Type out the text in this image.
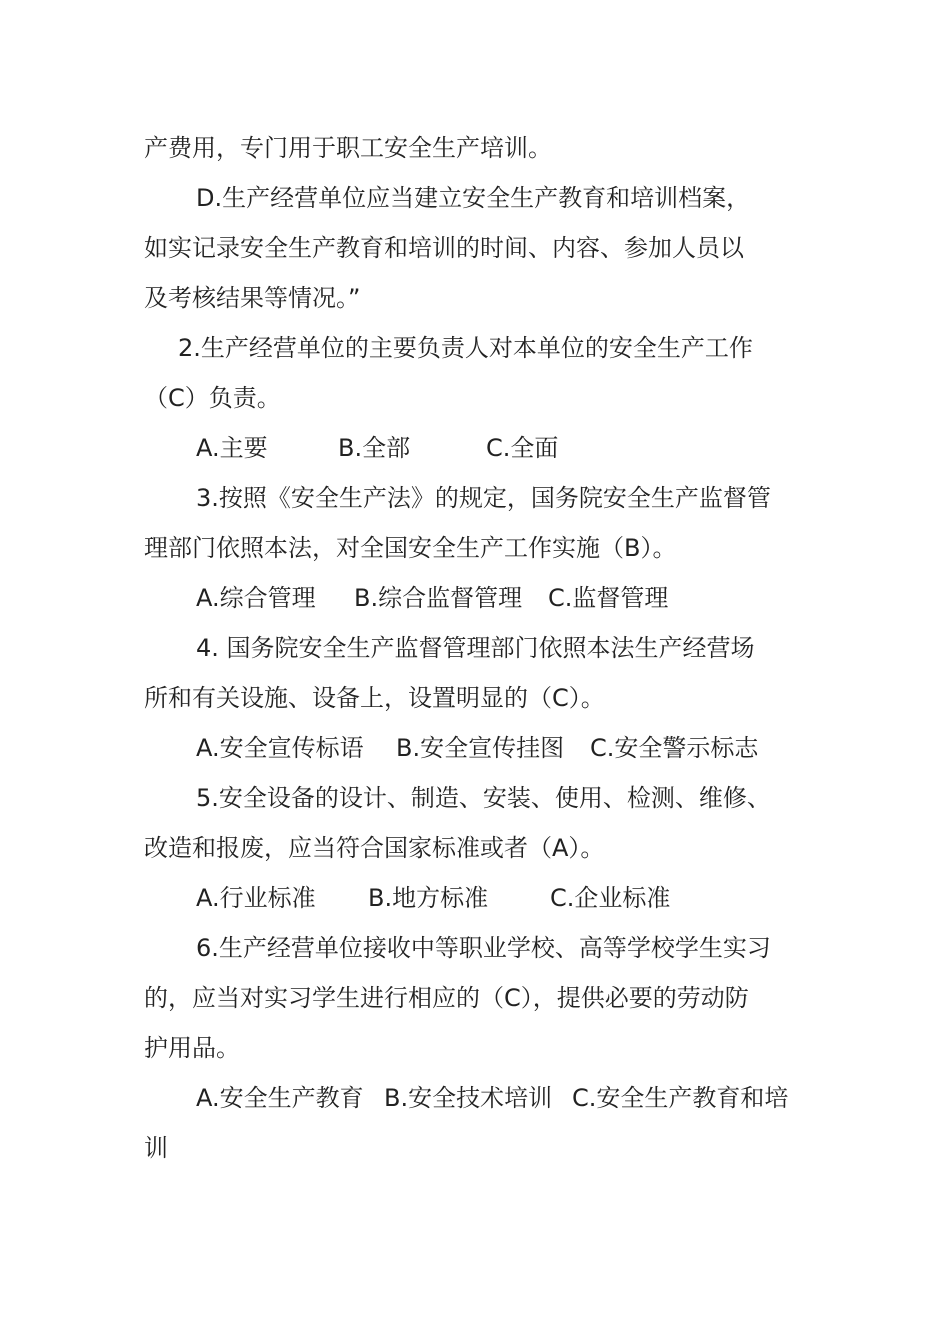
产费用，专门用于职工安全生产培训。
D.生产经营单位应当建立安全生产教育和培训档案，
如实记录安全生产教育和培训的时间、内容、参加人员以
及考核结果等情况。”
2.生产经营单位的主要负责人对本单位的安全生产工作
（C）负责。
A.主要	B.全部	C.全面
3.按照《安全生产法》的规定，国务院安全生产监督管
理部门依照本法，对全国安全生产工作实施（B）。
A.综合管理 B.综合监督管理 C.监督管理
4. 国务院安全生产监督管理部门依照本法生产经营场
所和有关设施、设备上，设置明显的（C）。
A.安全宣传标语 B.安全宣传挂图 C.安全警示标志
5.安全设备的设计、制造、安装、使用、检测、维修、
改造和报废，应当符合国家标准或者（A）。
A.行业标准 B.地方标准	C.企业标准
6.生产经营单位接收中等职业学校、高等学校学生实习
的，应当对实习学生进行相应的（C），提供必要的劳动防
护用品。
A.安全生产教育 B.安全技术培训 C.安全生产教育和培
训
